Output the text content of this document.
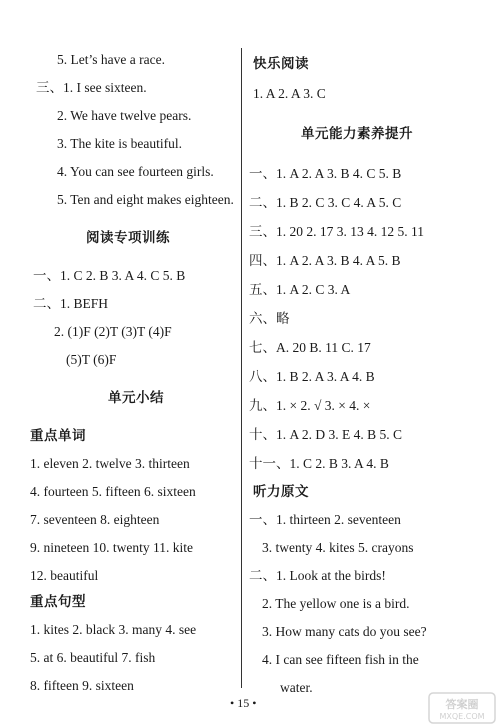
5. Let’s have a race.
三、1. I see sixteen.
2. We have twelve pears.
3. The kite is beautiful.
4. You can see fourteen girls.
5. Ten and eight makes eighteen.
阅读专项训练
一、1. C 2. B 3. A 4. C 5. B
二、1. BEFH
2. (1)F (2)T (3)T (4)F
(5)T (6)F
单元小结
重点单词
1. eleven 2. twelve 3. thirteen
4. fourteen 5. fifteen 6. sixteen
7. seventeen 8. eighteen
9. nineteen 10. twenty 11. kite
12. beautiful
重点句型
1. kites 2. black 3. many 4. see
5. at 6. beautiful 7. fish
8. fifteen 9. sixteen
快乐阅读
1. A 2. A 3. C
单元能力素养提升
一、1. A 2. A 3. B 4. C 5. B
二、1. B 2. C 3. C 4. A 5. C
三、1. 20 2. 17 3. 13 4. 12 5. 11
四、1. A 2. A 3. B 4. A 5. B
五、1. A 2. C 3. A
六、略
七、A. 20 B. 11 C. 17
八、1. B 2. A 3. A 4. B
九、1. × 2. √ 3. × 4. ×
十、1. A 2. D 3. E 4. B 5. C
十一、1. C 2. B 3. A 4. B
听力原文
一、1. thirteen 2. seventeen
3. twenty 4. kites 5. crayons
二、1. Look at the birds!
2. The yellow one is a bird.
3. How many cats do you see?
4. I can see fifteen fish in the
water.
• 15 •	答案圈
MXQE.COM
